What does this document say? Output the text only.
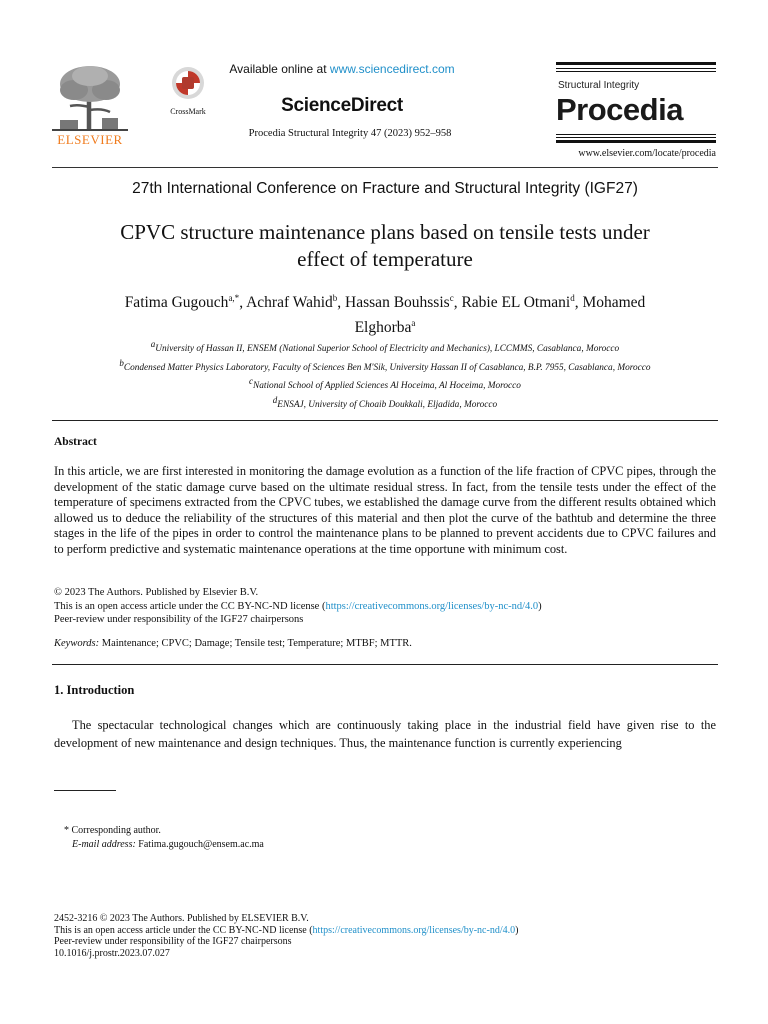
ELSEVIER
CrossMark
Available online at www.sciencedirect.com
ScienceDirect
Procedia Structural Integrity 47 (2023) 952–958
Structural Integrity
Procedia
www.elsevier.com/locate/procedia
27th International Conference on Fracture and Structural Integrity (IGF27)
CPVC structure maintenance plans based on tensile tests under
effect of temperature
Fatima Gugouch$^{a,*}$, Achraf Wahid$^b$, Hassan Bouhssis$^c$, Rabie EL Otmani$^d$, Mohamed
Elghorba$^a$
$^a$University of Hassan II, ENSEM (National Superior School of Electricity and Mechanics), LCCMMS, Casablanca, Morocco
$^b$Condensed Matter Physics Laboratory, Faculty of Sciences Ben M'Sik, University Hassan II of Casablanca, B.P. 7955, Casablanca, Morocco
$^c$National School of Applied Sciences Al Hoceima, Al Hoceima, Morocco
$^d$ENSAJ, University of Choaib Doukkali, Eljadida, Morocco
Abstract
In this article, we are first interested in monitoring the damage evolution as a function of the life fraction of CPVC pipes, through the development of the static damage curve based on the ultimate residual stress. In fact, from the tensile tests under the effect of the temperature of specimens extracted from the CPVC tubes, we established the damage curve from the different results obtained which allowed us to deduce the reliability of the structures of this material and then plot the curve of the bathtub and determine the three stages in the life of the pipes in order to control the maintenance plans to be planned to prevent accidents due to CPVC failures and to perform predictive and systematic maintenance operations at the time opportune with minimum cost.
© 2023 The Authors. Published by Elsevier B.V.
This is an open access article under the CC BY-NC-ND license (https://creativecommons.org/licenses/by-nc-nd/4.0)
Peer-review under responsibility of the IGF27 chairpersons
Keywords: Maintenance; CPVC; Damage; Tensile test; Temperature; MTBF; MTTR.
1. Introduction
The spectacular technological changes which are continuously taking place in the industrial field have given rise to the development of new maintenance and design techniques. Thus, the maintenance function is currently experiencing
* Corresponding author.
E-mail address: Fatima.gugouch@ensem.ac.ma
2452-3216 © 2023 The Authors. Published by ELSEVIER B.V.
This is an open access article under the CC BY-NC-ND license (https://creativecommons.org/licenses/by-nc-nd/4.0)
Peer-review under responsibility of the IGF27 chairpersons
10.1016/j.prostr.2023.07.027
